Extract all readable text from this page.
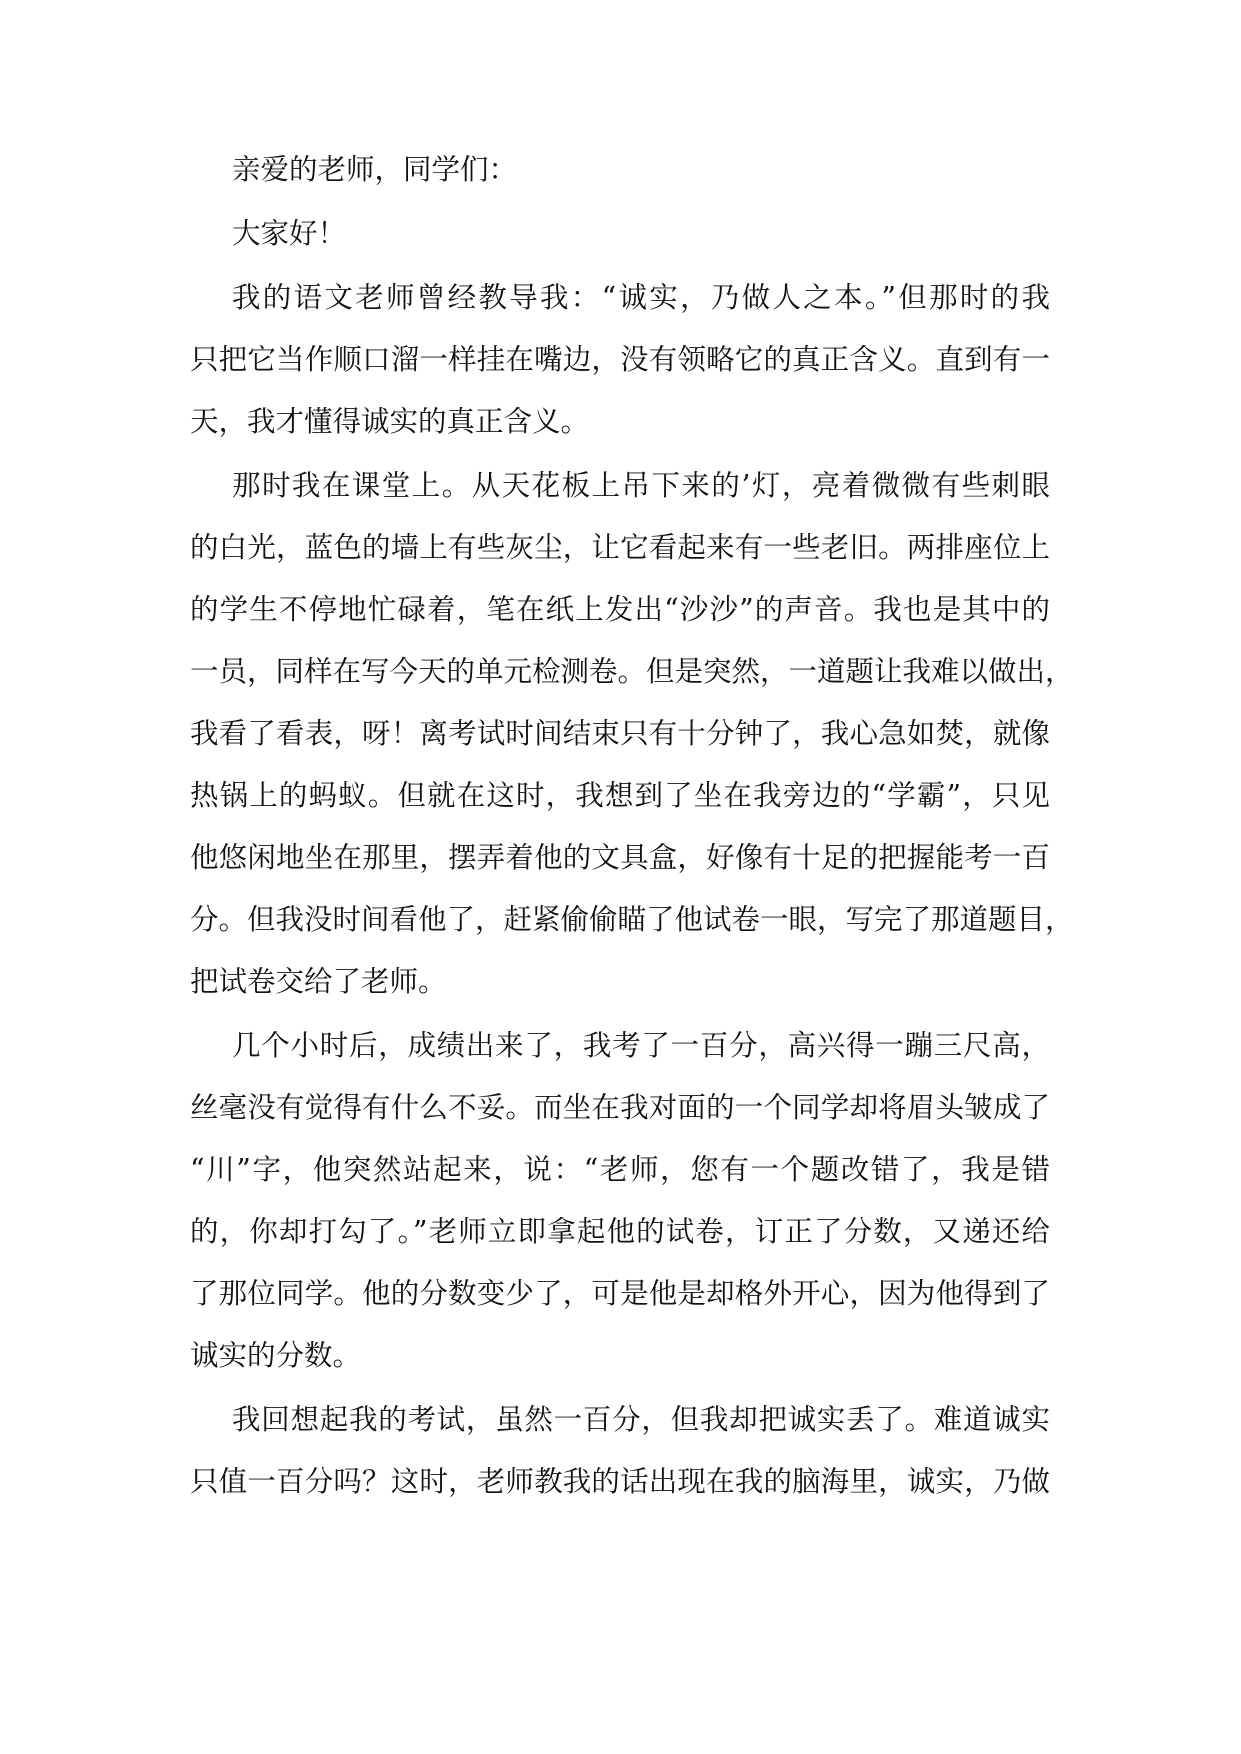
亲爱的老师，同学们：

大家好！

我的语文老师曾经教导我：“诚实，乃做人之本。”但那时的我

只把它当作顺口溜一样挂在嘴边，没有领略它的真正含义。直到有一

天，我才懂得诚实的真正含义。

那时我在课堂上。从天花板上吊下来的’灯，亮着微微有些刺眼

的白光，蓝色的墙上有些灰尘，让它看起来有一些老旧。两排座位上

的学生不停地忙碌着，笔在纸上发出“沙沙”的声音。我也是其中的

一员，同样在写今天的单元检测卷。但是突然，一道题让我难以做出，

我看了看表，呀！离考试时间结束只有十分钟了，我心急如焚，就像

热锅上的蚂蚁。但就在这时，我想到了坐在我旁边的“学霸”，只见

他悠闲地坐在那里，摆弄着他的文具盒，好像有十足的把握能考一百

分。但我没时间看他了，赶紧偷偷瞄了他试卷一眼，写完了那道题目，

把试卷交给了老师。

几个小时后，成绩出来了，我考了一百分，高兴得一蹦三尺高，

丝毫没有觉得有什么不妥。而坐在我对面的一个同学却将眉头皱成了

“川”字，他突然站起来，说：“老师，您有一个题改错了，我是错

的，你却打勾了。”老师立即拿起他的试卷，订正了分数，又递还给

了那位同学。他的分数变少了，可是他是却格外开心，因为他得到了

诚实的分数。

我回想起我的考试，虽然一百分，但我却把诚实丢了。难道诚实

只值一百分吗？这时，老师教我的话出现在我的脑海里，诚实，乃做
